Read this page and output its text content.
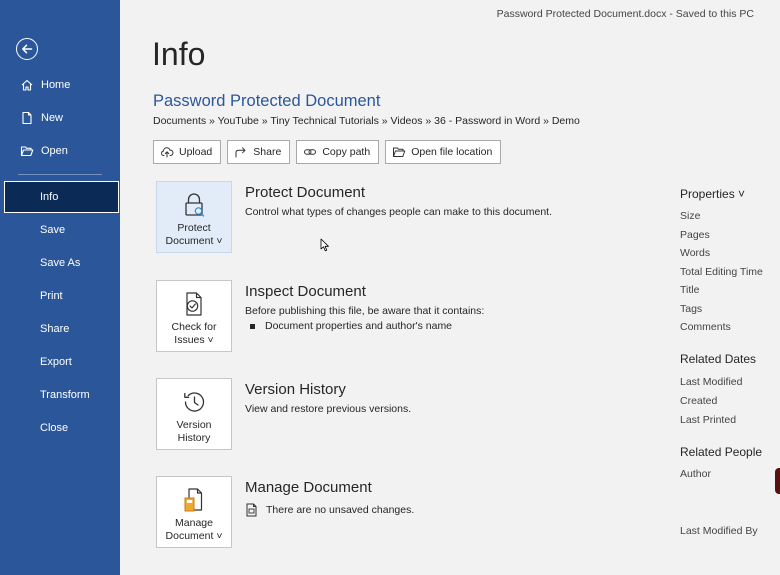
Home
New
Open
Info
Save
Save As
Print
Share
Export
Transform
Close
Password Protected Document.docx - Saved to this PC
Info
Password Protected Document
Documents » YouTube » Tiny Technical Tutorials » Videos » 36 - Password in Word » Demo
Upload	Share	Copy path	Open file location
Protect
Document ˅
Protect Document
Control what types of changes people can make to this document.
Check for
Issues ˅
Inspect Document
Before publishing this file, be aware that it contains:
Document properties and author's name
Version
History
Version History
View and restore previous versions.
Manage
Document ˅
Manage Document
There are no unsaved changes.
Properties ˅
Size
Pages
Words
Total Editing Time
Title
Tags
Comments
Related Dates
Last Modified
Created
Last Printed
Related People
Author
Last Modified By
